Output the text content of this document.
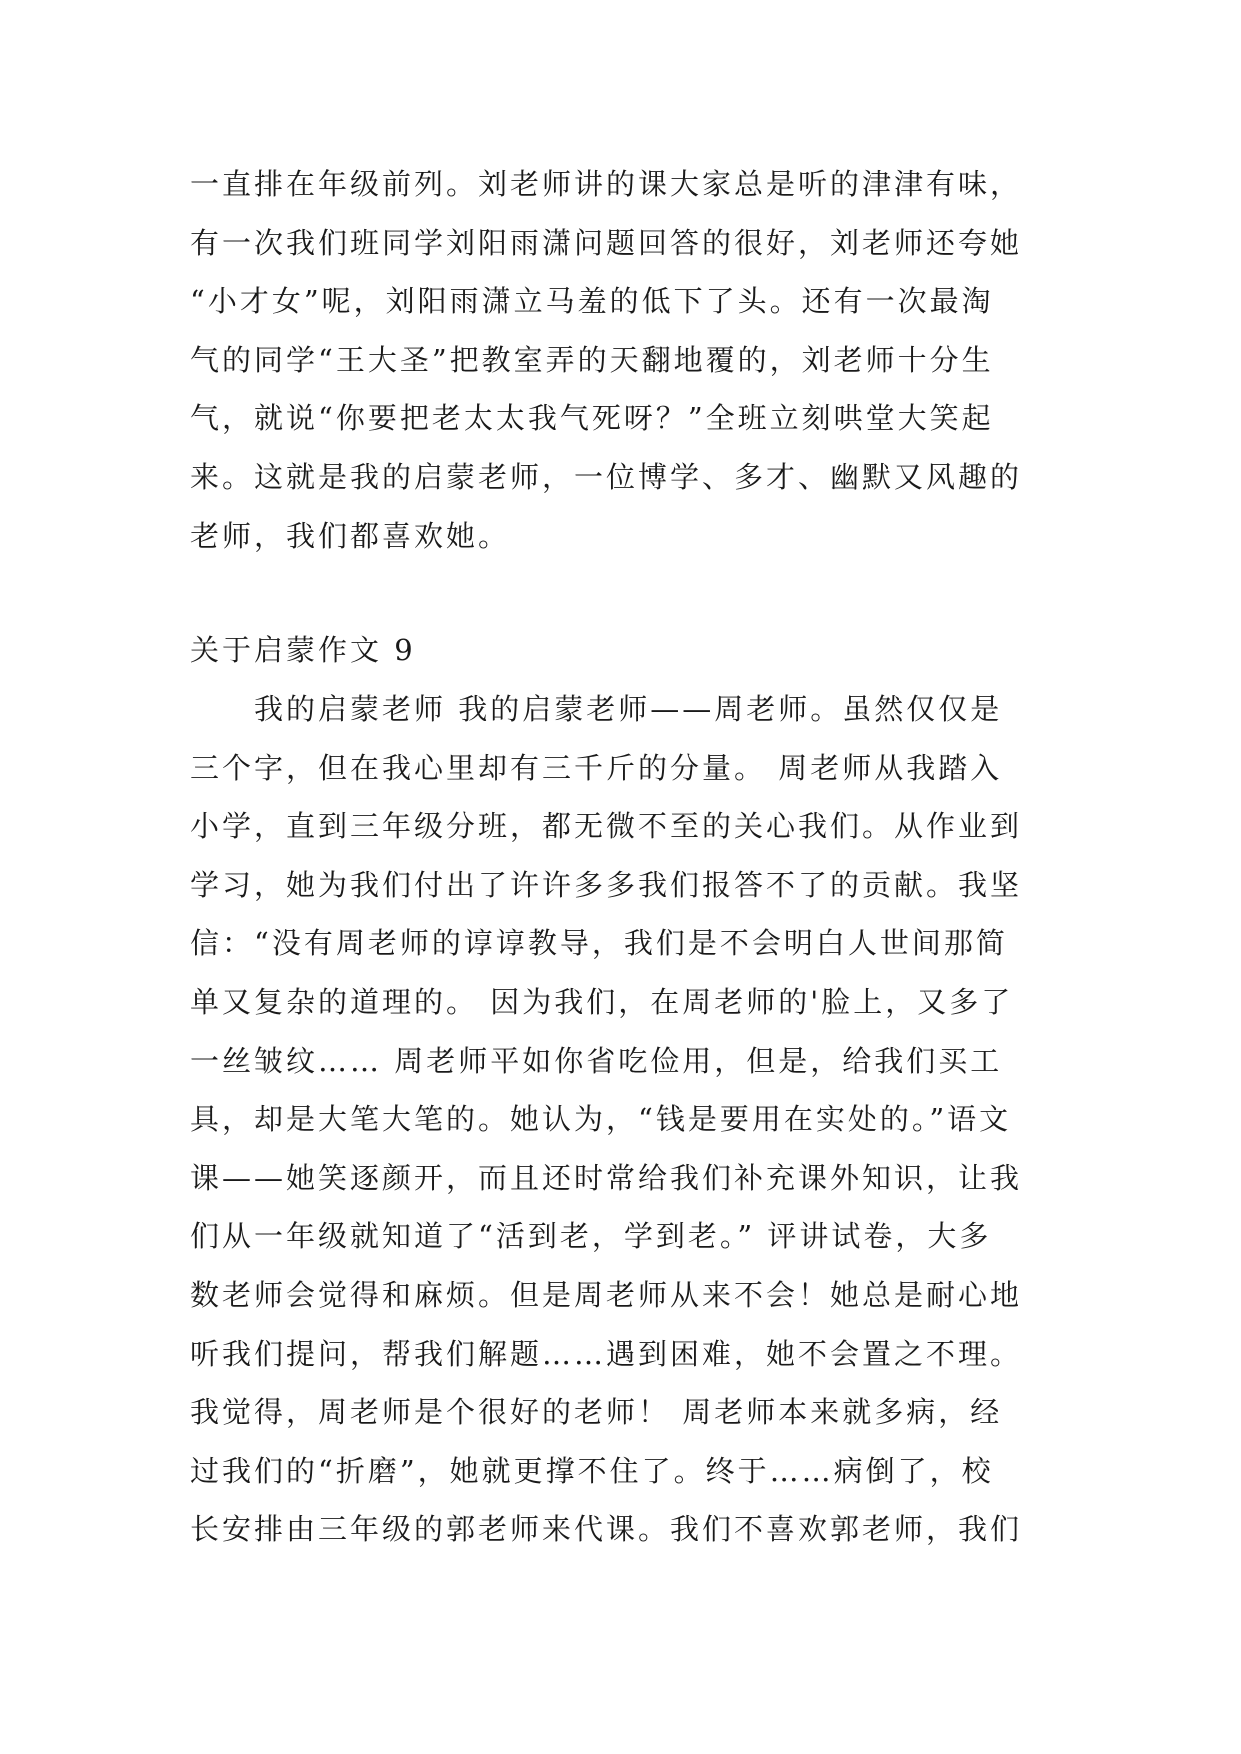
一直排在年级前列。刘老师讲的课大家总是听的津津有味，
有一次我们班同学刘阳雨潇问题回答的很好，刘老师还夸她
“小才女”呢，刘阳雨潇立马羞的低下了头。还有一次最淘
气的同学“王大圣”把教室弄的天翻地覆的，刘老师十分生
气，就说“你要把老太太我气死呀？”全班立刻哄堂大笑起
来。这就是我的启蒙老师，一位博学、多才、幽默又风趣的
老师，我们都喜欢她。
关于启蒙作文 9
　　我的启蒙老师 我的启蒙老师——周老师。虽然仅仅是
三个字，但在我心里却有三千斤的分量。 周老师从我踏入
小学，直到三年级分班，都无微不至的关心我们。从作业到
学习，她为我们付出了许许多多我们报答不了的贡献。我坚
信：“没有周老师的谆谆教导，我们是不会明白人世间那简
单又复杂的道理的。 因为我们，在周老师的'脸上，又多了
一丝皱纹…… 周老师平如你省吃俭用，但是，给我们买工
具，却是大笔大笔的。她认为，“钱是要用在实处的。”语文
课——她笑逐颜开，而且还时常给我们补充课外知识，让我
们从一年级就知道了“活到老，学到老。” 评讲试卷，大多
数老师会觉得和麻烦。但是周老师从来不会！她总是耐心地
听我们提问，帮我们解题……遇到困难，她不会置之不理。
我觉得，周老师是个很好的老师！ 周老师本来就多病，经
过我们的“折磨”，她就更撑不住了。终于……病倒了，校
长安排由三年级的郭老师来代课。我们不喜欢郭老师，我们
